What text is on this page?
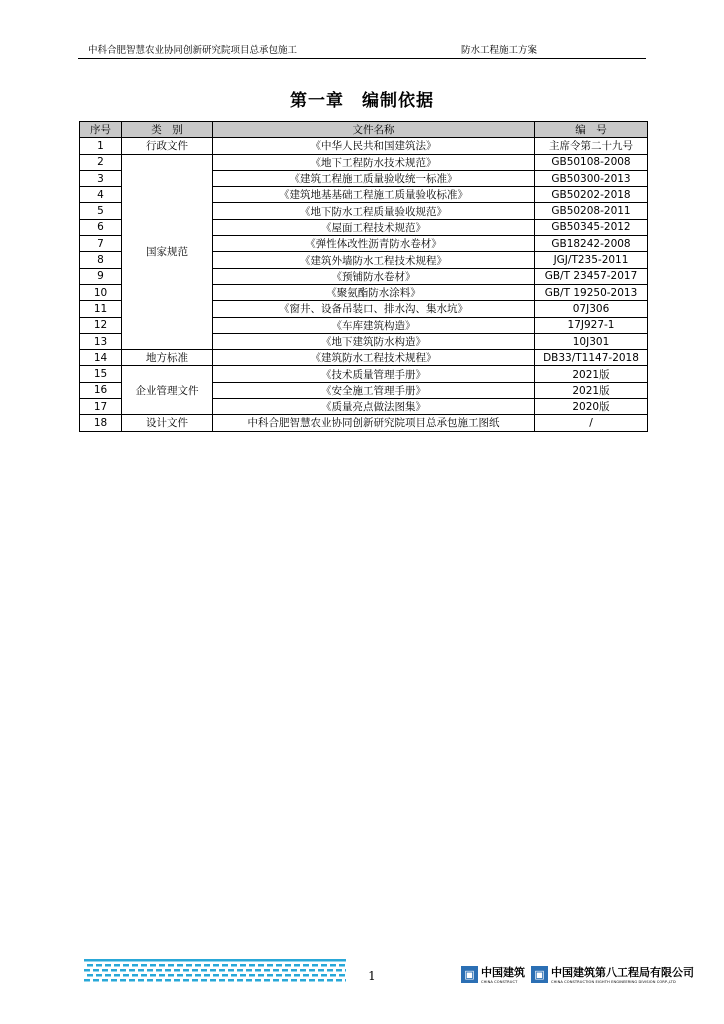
中科合肥智慧农业协同创新研究院项目总承包施工	防水工程施工方案
第一章　编制依据
序号	类　别	文件名称	编　号
1	行政文件	《中华人民共和国建筑法》	主席令第二十九号
2	国家规范	《地下工程防水技术规范》	GB50108-2008
3		《建筑工程施工质量验收统一标准》	GB50300-2013
4		《建筑地基基础工程施工质量验收标准》	GB50202-2018
5		《地下防水工程质量验收规范》	GB50208-2011
6		《屋面工程技术规范》	GB50345-2012
7		《弹性体改性沥青防水卷材》	GB18242-2008
8		《建筑外墙防水工程技术规程》	JGJ/T235-2011
9		《预铺防水卷材》	GB/T 23457-2017
10		《聚氨酯防水涂料》	GB/T 19250-2013
11		《窗井、设备吊装口、排水沟、集水坑》	07J306
12		《车库建筑构造》	17J927-1
13		《地下建筑防水构造》	10J301
14	地方标准	《建筑防水工程技术规程》	DB33/T1147-2018
15	企业管理文件	《技术质量管理手册》	2021版
16		《安全施工管理手册》	2021版
17		《质量亮点做法图集》	2020版
18	设计文件	中科合肥智慧农业协同创新研究院项目总承包施工图纸	/
1	▣ 中国建筑
CHINA CONSTRUCT
▣ 中国建筑第八工程局有限公司
CHINA CONSTRUCTION EIGHTH ENGINEERING DIVISION CORP.,LTD
